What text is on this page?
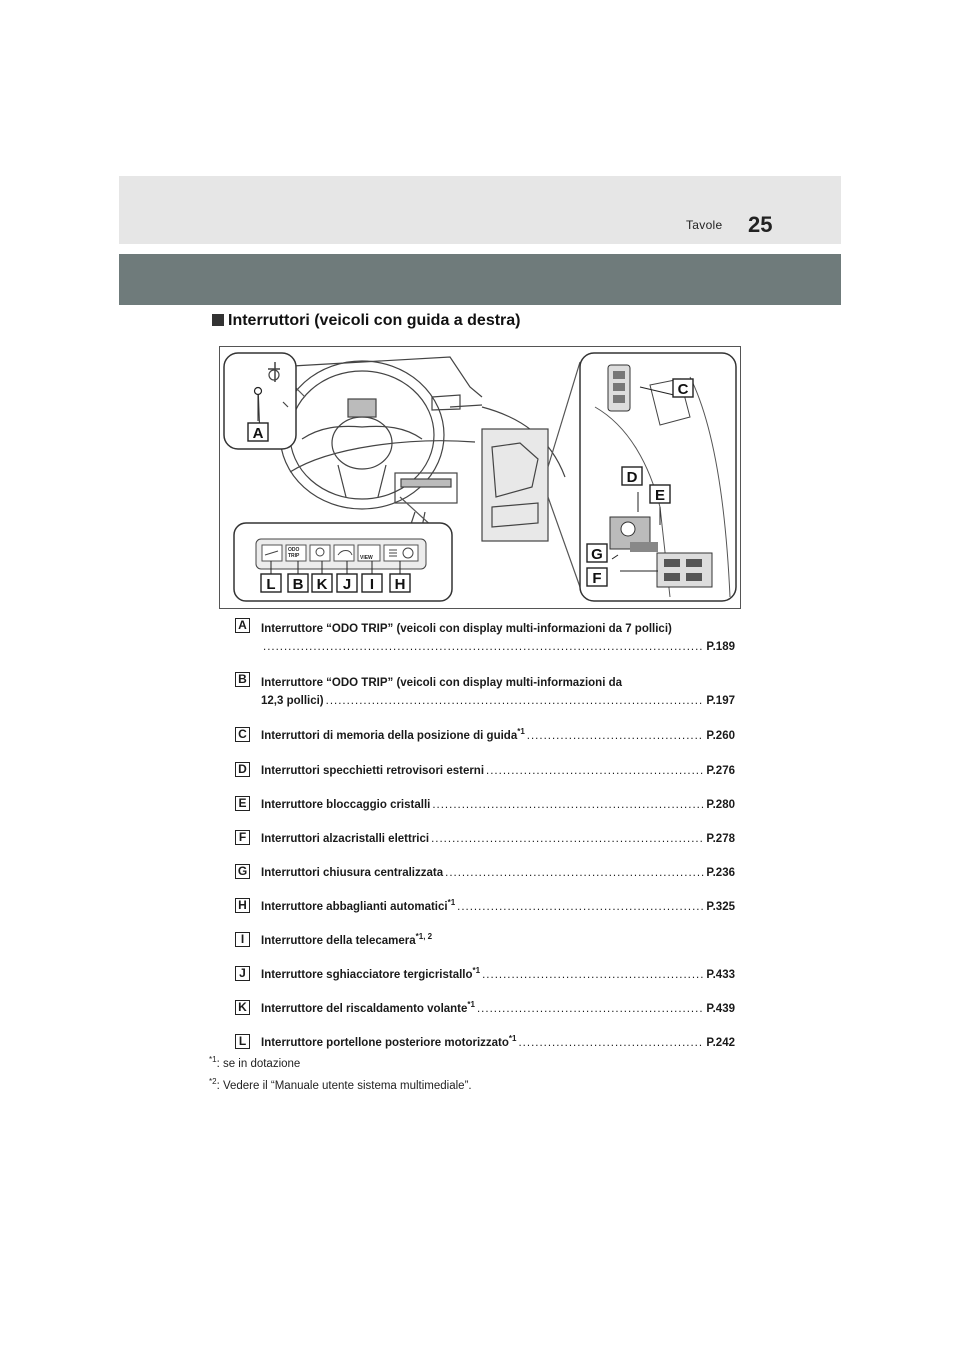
Tavole 25
Interruttori (veicoli con guida a destra)
ODO
TRIP	VIEW
A
C
D
E
G
F
L B K J I H
A Interruttore “ODO TRIP” (veicoli con display multi-informazioni da 7 pollici)
.....
P.189
B Interruttore “ODO TRIP” (veicoli con display multi-informazioni da
12,3 pollici) .....	P.197
C Interruttori di memoria della posizione di guida$^{*1}$ .....	P.260
D Interruttori specchietti retrovisori esterni .....	P.276
E	Interruttore bloccaggio cristalli .....	P.280
F	Interruttori alzacristalli elettrici .....	P.278
G Interruttori chiusura centralizzata .....	P.236
H Interruttore abbaglianti automatici$^{*1}$ .....	P.325
I	Interruttore della telecamera$^{*1, 2}$
J	Interruttore sghiacciatore tergicristallo$^{*1}$ .....	P.433
K Interruttore del riscaldamento volante$^{*1}$ .....	P.439
L	Interruttore portellone posteriore motorizzato$^{*1}$ .....	P.242
$^{*1}$: se in dotazione
$^{*2}$: Vedere il “Manuale utente sistema multimediale”.
